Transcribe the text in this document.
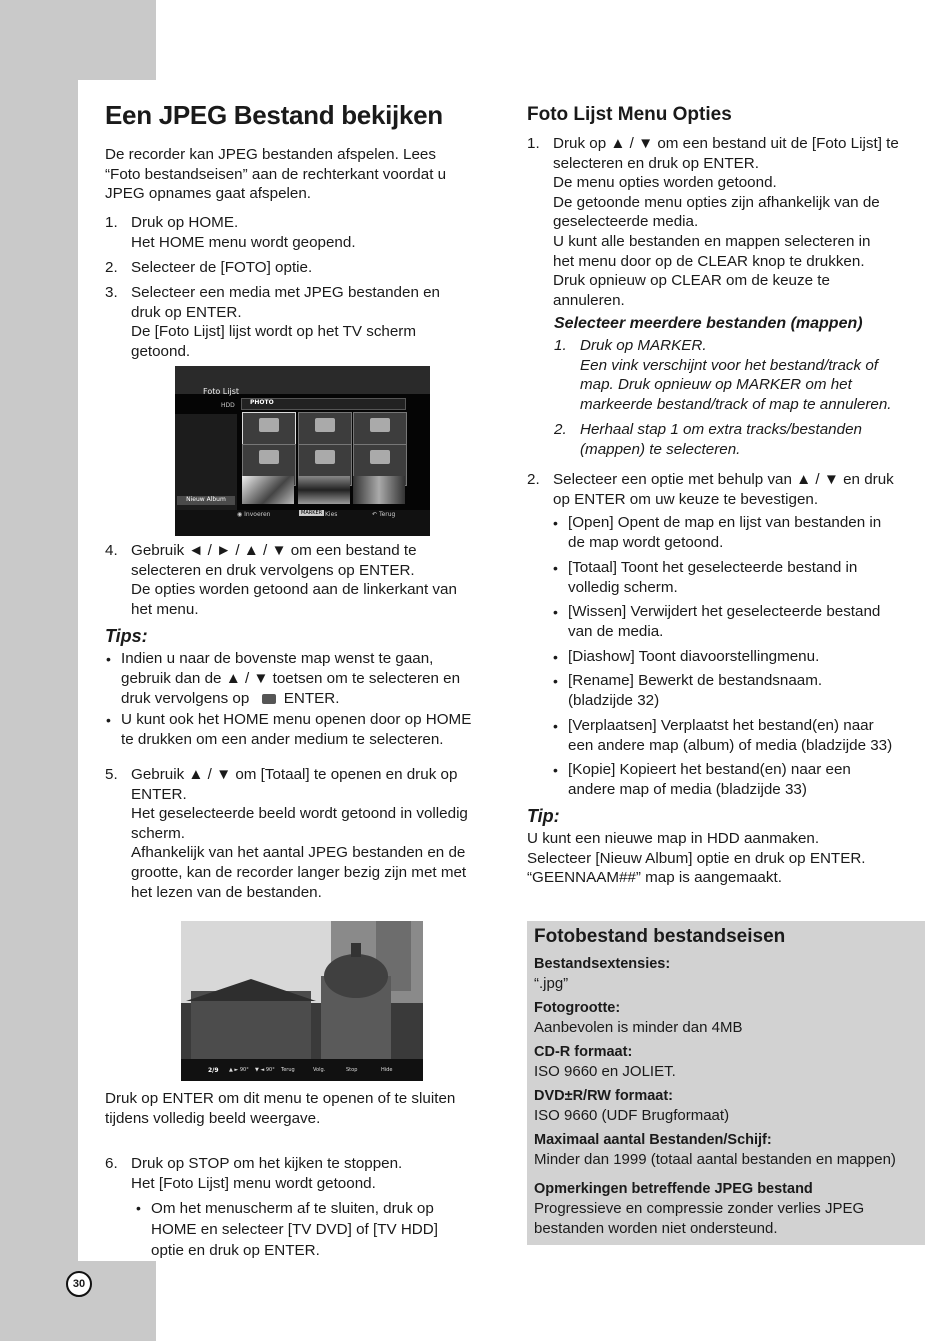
30
Een JPEG Bestand bekijken
De recorder kan JPEG bestanden afspelen. Lees
“Foto bestandseisen” aan de rechterkant voordat u
JPEG opnames gaat afspelen.
1. Druk op HOME.
Het HOME menu wordt geopend.
2. Selecteer de [FOTO] optie.
3. Selecteer een media met JPEG bestanden en
druk op ENTER.
De [Foto Lijst] lijst wordt op het TV scherm
getoond.
Foto Lijst
HDD	PHOTO
Nieuw Album
◉ Invoeren	MARKER Kies	↶ Terug
4. Gebruik ◄ / ► / ▲ / ▼ om een bestand te
selecteren en druk vervolgens op ENTER.
De opties worden getoond aan de linkerkant van
het menu.
Tips:
• Indien u naar de bovenste map wenst te gaan,
gebruik dan de ▲ / ▼ toetsen om te selecteren en
druk vervolgens op ENTER.
• U kunt ook het HOME menu openen door op HOME
te drukken om een ander medium te selecteren.
5. Gebruik ▲ / ▼ om [Totaal] te openen en druk op
ENTER.
Het geselecteerde beeld wordt getoond in volledig
scherm.
Afhankelijk van het aantal JPEG bestanden en de
grootte, kan de recorder langer bezig zijn met met
het lezen van de bestanden.
2/9 ▲ ► 90° ▼ ◄ 90° Terug	Volg.	Stop	Hide
Druk op ENTER om dit menu te openen of te sluiten
tijdens volledig beeld weergave.
6. Druk op STOP om het kijken te stoppen.
Het [Foto Lijst] menu wordt getoond.
• Om het menuscherm af te sluiten, druk op
HOME en selecteer [TV DVD] of [TV HDD]
optie en druk op ENTER.
Foto Lijst Menu Opties
1. Druk op ▲ / ▼ om een bestand uit de [Foto Lijst] te
selecteren en druk op ENTER.
De menu opties worden getoond.
De getoonde menu opties zijn afhankelijk van de
geselecteerde media.
U kunt alle bestanden en mappen selecteren in
het menu door op de CLEAR knop te drukken.
Druk opnieuw op CLEAR om de keuze te
annuleren.
Selecteer meerdere bestanden (mappen)
1. Druk op MARKER.
Een vink verschijnt voor het bestand/track of
map. Druk opnieuw op MARKER om het
markeerde bestand/track of map te annuleren.
2. Herhaal stap 1 om extra tracks/bestanden
(mappen) te selecteren.
2. Selecteer een optie met behulp van ▲ / ▼ en druk
op ENTER om uw keuze te bevestigen.
• [Open] Opent de map en lijst van bestanden in
de map wordt getoond.
• [Totaal] Toont het geselecteerde bestand in
volledig scherm.
• [Wissen] Verwijdert het geselecteerde bestand
van de media.
• [Diashow] Toont diavoorstellingmenu.
• [Rename] Bewerkt de bestandsnaam.
(bladzijde 32)
• [Verplaatsen] Verplaatst het bestand(en) naar
een andere map (album) of media (bladzijde 33)
• [Kopie] Kopieert het bestand(en) naar een
andere map of media (bladzijde 33)
Tip:
U kunt een nieuwe map in HDD aanmaken.
Selecteer [Nieuw Album] optie en druk op ENTER.
“GEENNAAM##” map is aangemaakt.
Fotobestand bestandseisen
Bestandsextensies:
“.jpg”
Fotogrootte:
Aanbevolen is minder dan 4MB
CD-R formaat:
ISO 9660 en JOLIET.
DVD±R/RW formaat:
ISO 9660 (UDF Brugformaat)
Maximaal aantal Bestanden/Schijf:
Minder dan 1999 (totaal aantal bestanden en mappen)
Opmerkingen betreffende JPEG bestand
Progressieve en compressie zonder verlies JPEG
bestanden worden niet ondersteund.
